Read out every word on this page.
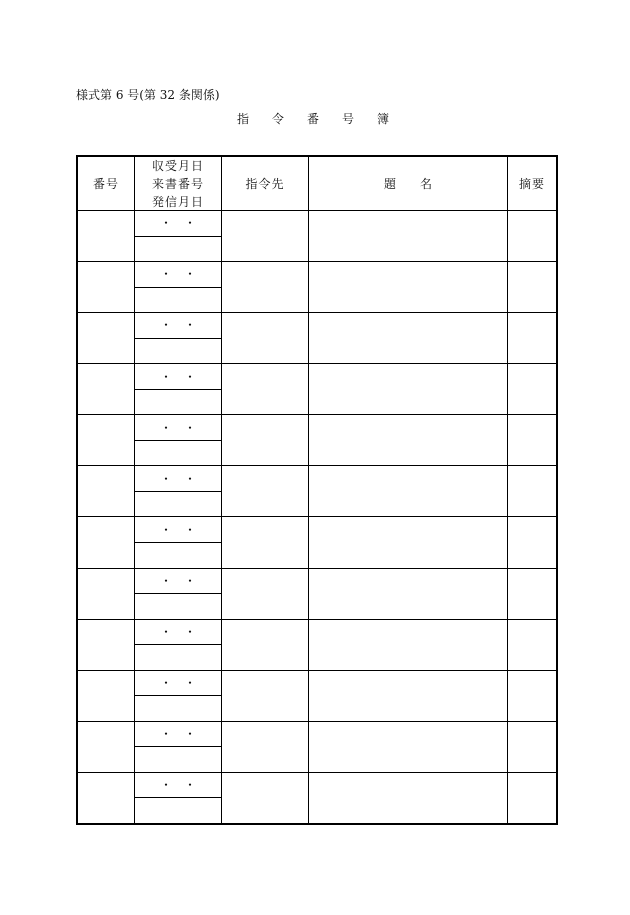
様式第 6 号(第 32 条関係)
指　令　番　号　簿
番号
収受月日
来書番号
発信月日
指令先	題　　名	摘要
・　・
・　・
・　・
・　・
・　・
・　・
・　・
・　・
・　・
・　・
・　・
・　・
